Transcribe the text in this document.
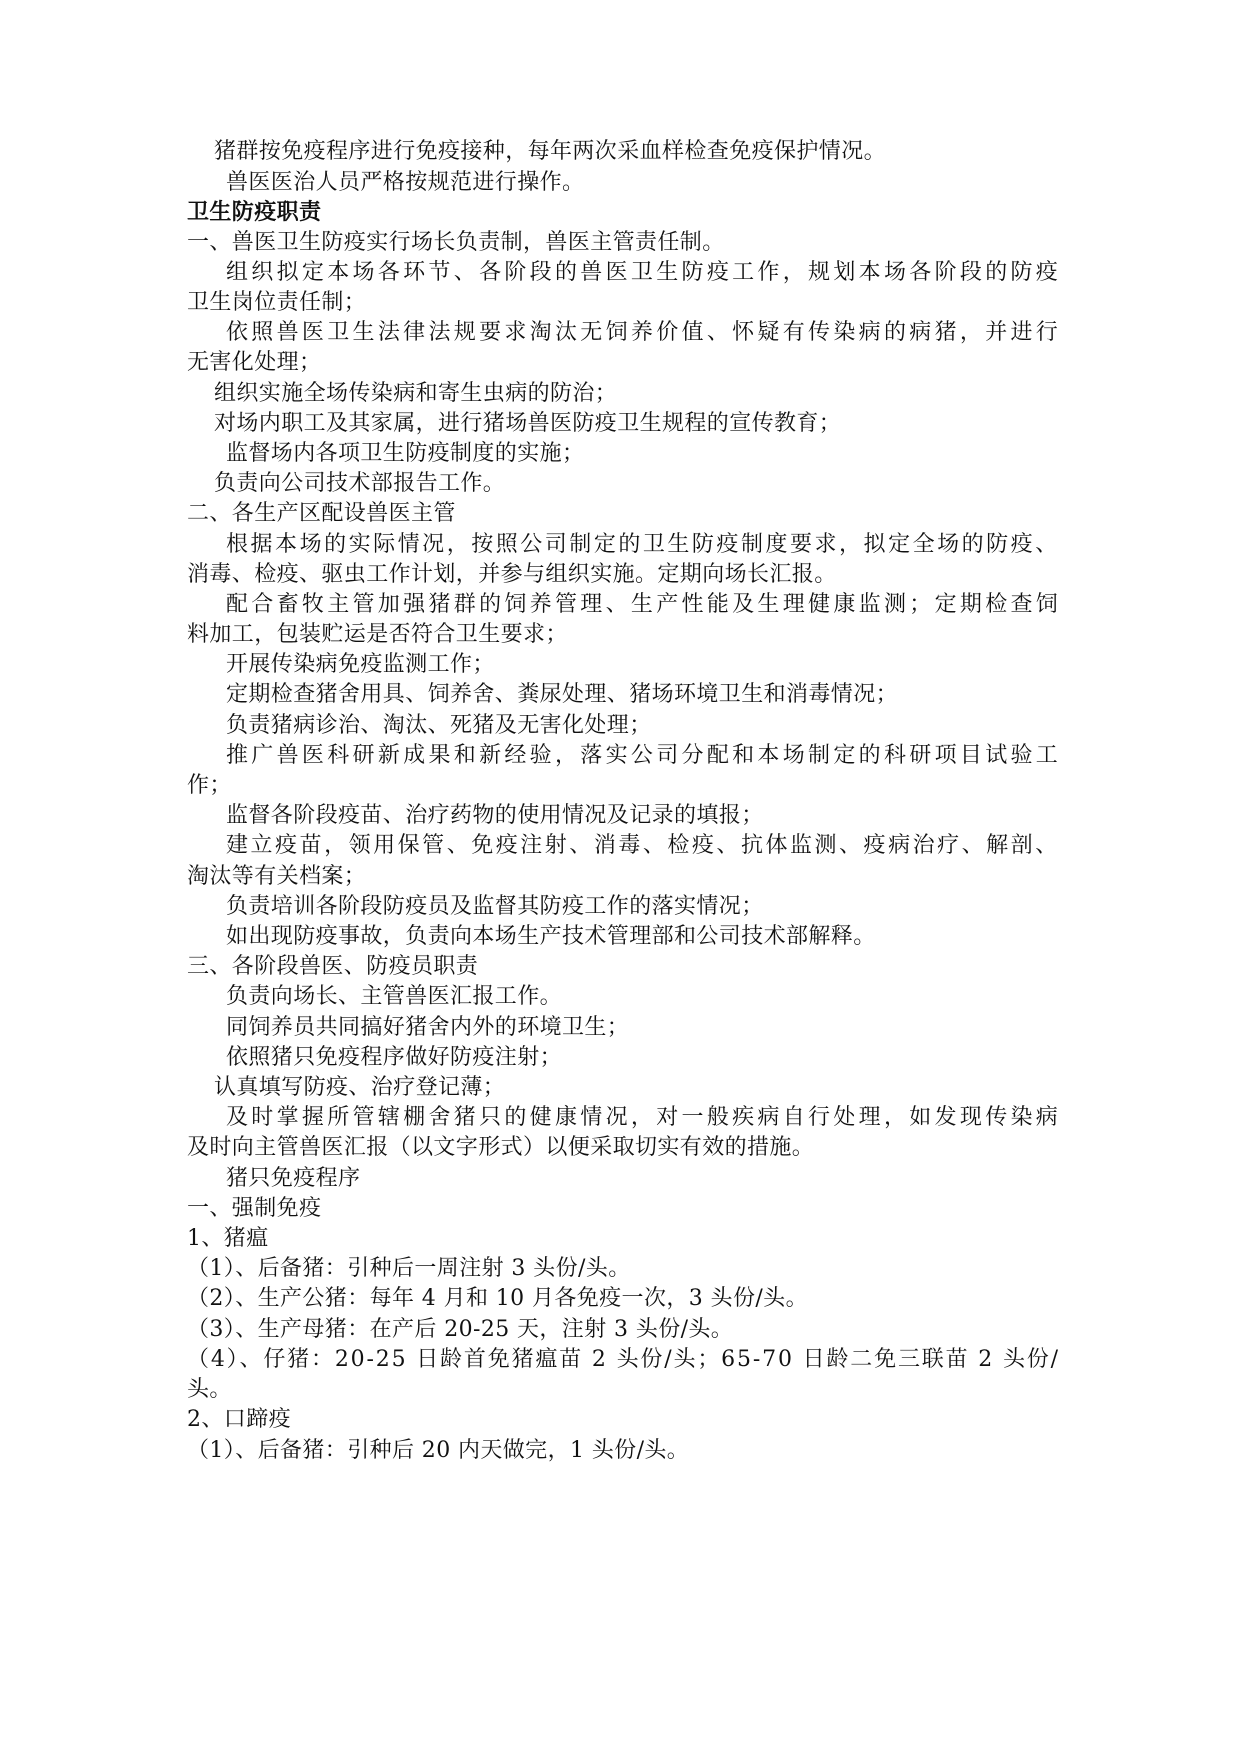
猪群按免疫程序进行免疫接种，每年两次采血样检查免疫保护情况。
兽医医治人员严格按规范进行操作。
卫生防疫职责
一、兽医卫生防疫实行场长负责制，兽医主管责任制。
组织拟定本场各环节、各阶段的兽医卫生防疫工作，规划本场各阶段的防疫
卫生岗位责任制；
依照兽医卫生法律法规要求淘汰无饲养价值、怀疑有传染病的病猪，并进行
无害化处理；
组织实施全场传染病和寄生虫病的防治；
对场内职工及其家属，进行猪场兽医防疫卫生规程的宣传教育；
监督场内各项卫生防疫制度的实施；
负责向公司技术部报告工作。
二、各生产区配设兽医主管
根据本场的实际情况，按照公司制定的卫生防疫制度要求，拟定全场的防疫、
消毒、检疫、驱虫工作计划，并参与组织实施。定期向场长汇报。
配合畜牧主管加强猪群的饲养管理、生产性能及生理健康监测；定期检查饲
料加工，包装贮运是否符合卫生要求；
开展传染病免疫监测工作；
定期检查猪舍用具、饲养舍、粪尿处理、猪场环境卫生和消毒情况；
负责猪病诊治、淘汰、死猪及无害化处理；
推广兽医科研新成果和新经验，落实公司分配和本场制定的科研项目试验工
作；
监督各阶段疫苗、治疗药物的使用情况及记录的填报；
建立疫苗，领用保管、免疫注射、消毒、检疫、抗体监测、疫病治疗、解剖、
淘汰等有关档案；
负责培训各阶段防疫员及监督其防疫工作的落实情况；
如出现防疫事故，负责向本场生产技术管理部和公司技术部解释。
三、各阶段兽医、防疫员职责
负责向场长、主管兽医汇报工作。
同饲养员共同搞好猪舍内外的环境卫生；
依照猪只免疫程序做好防疫注射；
认真填写防疫、治疗登记薄；
及时掌握所管辖棚舍猪只的健康情况，对一般疾病自行处理，如发现传染病
及时向主管兽医汇报（以文字形式）以便采取切实有效的措施。
猪只免疫程序
一、强制免疫
1、猪瘟
（1）、后备猪：引种后一周注射 3 头份/头。
（2）、生产公猪：每年 4 月和 10 月各免疫一次，3 头份/头。
（3）、生产母猪：在产后 20-25 天，注射 3 头份/头。
（4）、仔猪：20-25 日龄首免猪瘟苗 2 头份/头；65-70 日龄二免三联苗 2 头份/
头。
2、口蹄疫
（1）、后备猪：引种后 20 内天做完，1 头份/头。
